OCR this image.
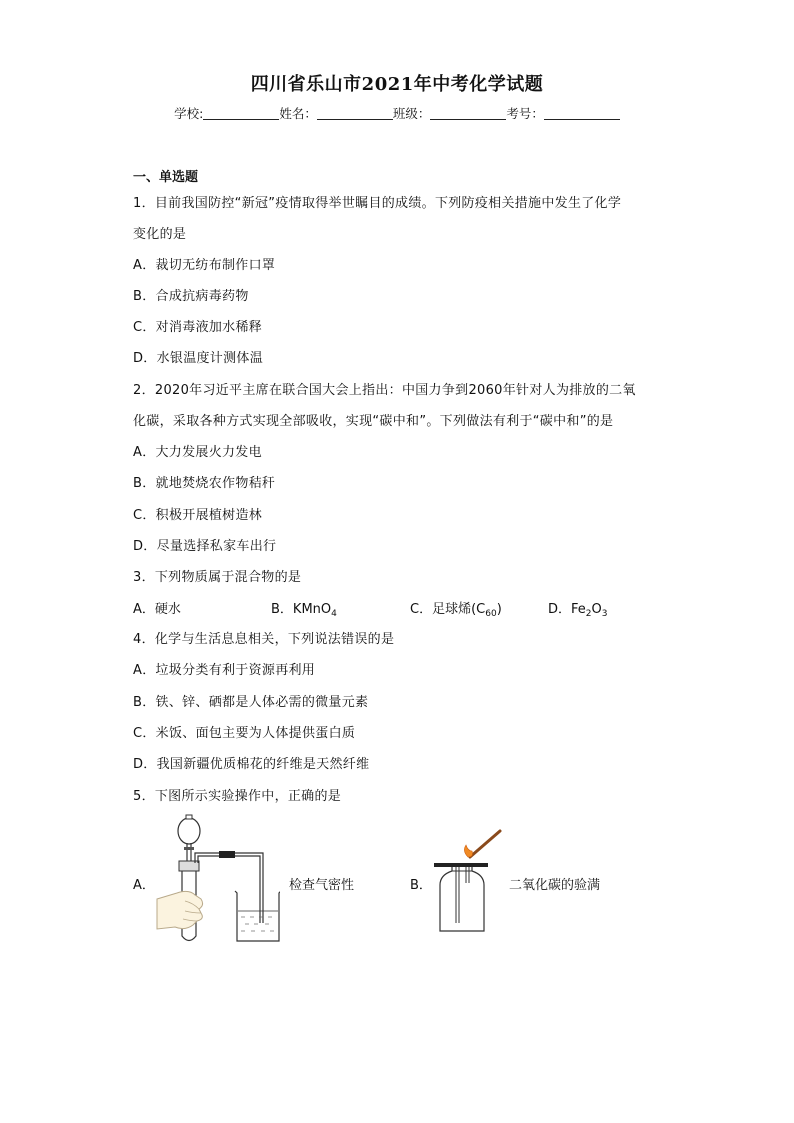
四川省乐山市2021年中考化学试题
学校:	姓名：	班级：	考号：
一、单选题
1．目前我国防控“新冠”疫情取得举世瞩目的成绩。下列防疫相关措施中发生了化学
变化的是
A．裁切无纺布制作口罩
B．合成抗病毒药物
C．对消毒液加水稀释
D．水银温度计测体温
2．2020年习近平主席在联合国大会上指出：中国力争到2060年针对人为排放的二氧
化碳，采取各种方式实现全部吸收，实现“碳中和”。下列做法有利于“碳中和”的是
A．大力发展火力发电
B．就地焚烧农作物秸秆
C．积极开展植树造林
D．尽量选择私家车出行
3．下列物质属于混合物的是
A．硬水	B．KMnO$_4$	C．足球烯$(C_{60})$	D．$Fe_2O_3$
4．化学与生活息息相关，下列说法错误的是
A．垃圾分类有利于资源再利用
B．铁、锌、硒都是人体必需的微量元素
C．米饭、面包主要为人体提供蛋白质
D．我国新疆优质棉花的纤维是天然纤维
5．下图所示实验操作中，正确的是
A．	检查气密性	B．	二氧化碳的验满
